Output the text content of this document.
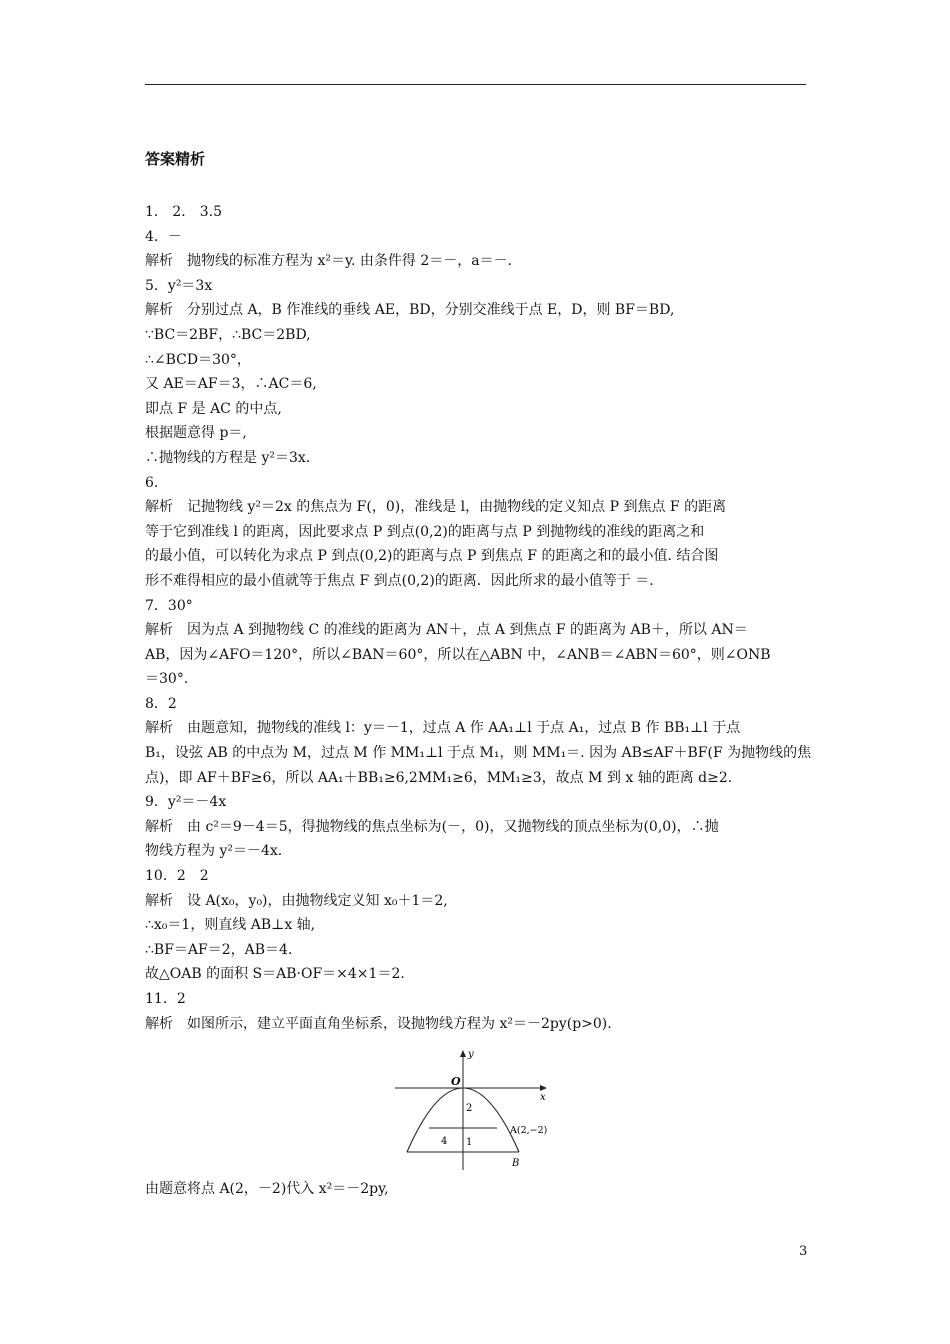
答案精析
1． 2． 3.5
4．－
解析　抛物线的标准方程为 x²＝y. 由条件得 2＝－，a＝－.
5．y²＝3x
解析　分别过点 A，B 作准线的垂线 AE，BD，分别交准线于点 E，D，则 BF＝BD,
∵BC＝2BF，∴BC＝2BD,
∴∠BCD＝30°，
又 AE＝AF＝3，∴AC＝6,
即点 F 是 AC 的中点,
根据题意得 p＝,
∴抛物线的方程是 y²＝3x.
6．
解析　记抛物线 y²＝2x 的焦点为 F(，0)，准线是 l，由抛物线的定义知点 P 到焦点 F 的距离
等于它到准线 l 的距离，因此要求点 P 到点(0,2)的距离与点 P 到抛物线的准线的距离之和
的最小值，可以转化为求点 P 到点(0,2)的距离与点 P 到焦点 F 的距离之和的最小值. 结合图
形不难得相应的最小值就等于焦点 F 到点(0,2)的距离．因此所求的最小值等于 ＝.
7．30°
解析　因为点 A 到抛物线 C 的准线的距离为 AN＋，点 A 到焦点 F 的距离为 AB＋，所以 AN＝
AB，因为∠AFO＝120°，所以∠BAN＝60°，所以在△ABN 中，∠ANB＝∠ABN＝60°，则∠ONB
＝30°.
8．2
解析　由题意知，抛物线的准线 l：y＝－1，过点 A 作 AA₁⊥l 于点 A₁，过点 B 作 BB₁⊥l 于点
B₁，设弦 AB 的中点为 M，过点 M 作 MM₁⊥l 于点 M₁，则 MM₁＝. 因为 AB≤AF＋BF(F 为抛物线的焦
点)，即 AF＋BF≥6，所以 AA₁＋BB₁≥6,2MM₁≥6，MM₁≥3，故点 M 到 x 轴的距离 d≥2.
9．y²＝－4x
解析　由 c²＝9－4＝5，得抛物线的焦点坐标为(－，0)，又抛物线的顶点坐标为(0,0)，∴抛
物线方程为 y²＝－4x.
10．2　2
解析　设 A(x₀，y₀)，由抛物线定义知 x₀＋1＝2,
∴x₀＝1，则直线 AB⊥x 轴,
∴BF＝AF＝2，AB＝4.
故△OAB 的面积 S＝AB·OF＝×4×1＝2.
11．2
解析　如图所示，建立平面直角坐标系，设抛物线方程为 x²＝－2py(p>0).
y
x
O
2
4 1
A(2,−2)
B
由题意将点 A(2，－2)代入 x²＝－2py,
3
